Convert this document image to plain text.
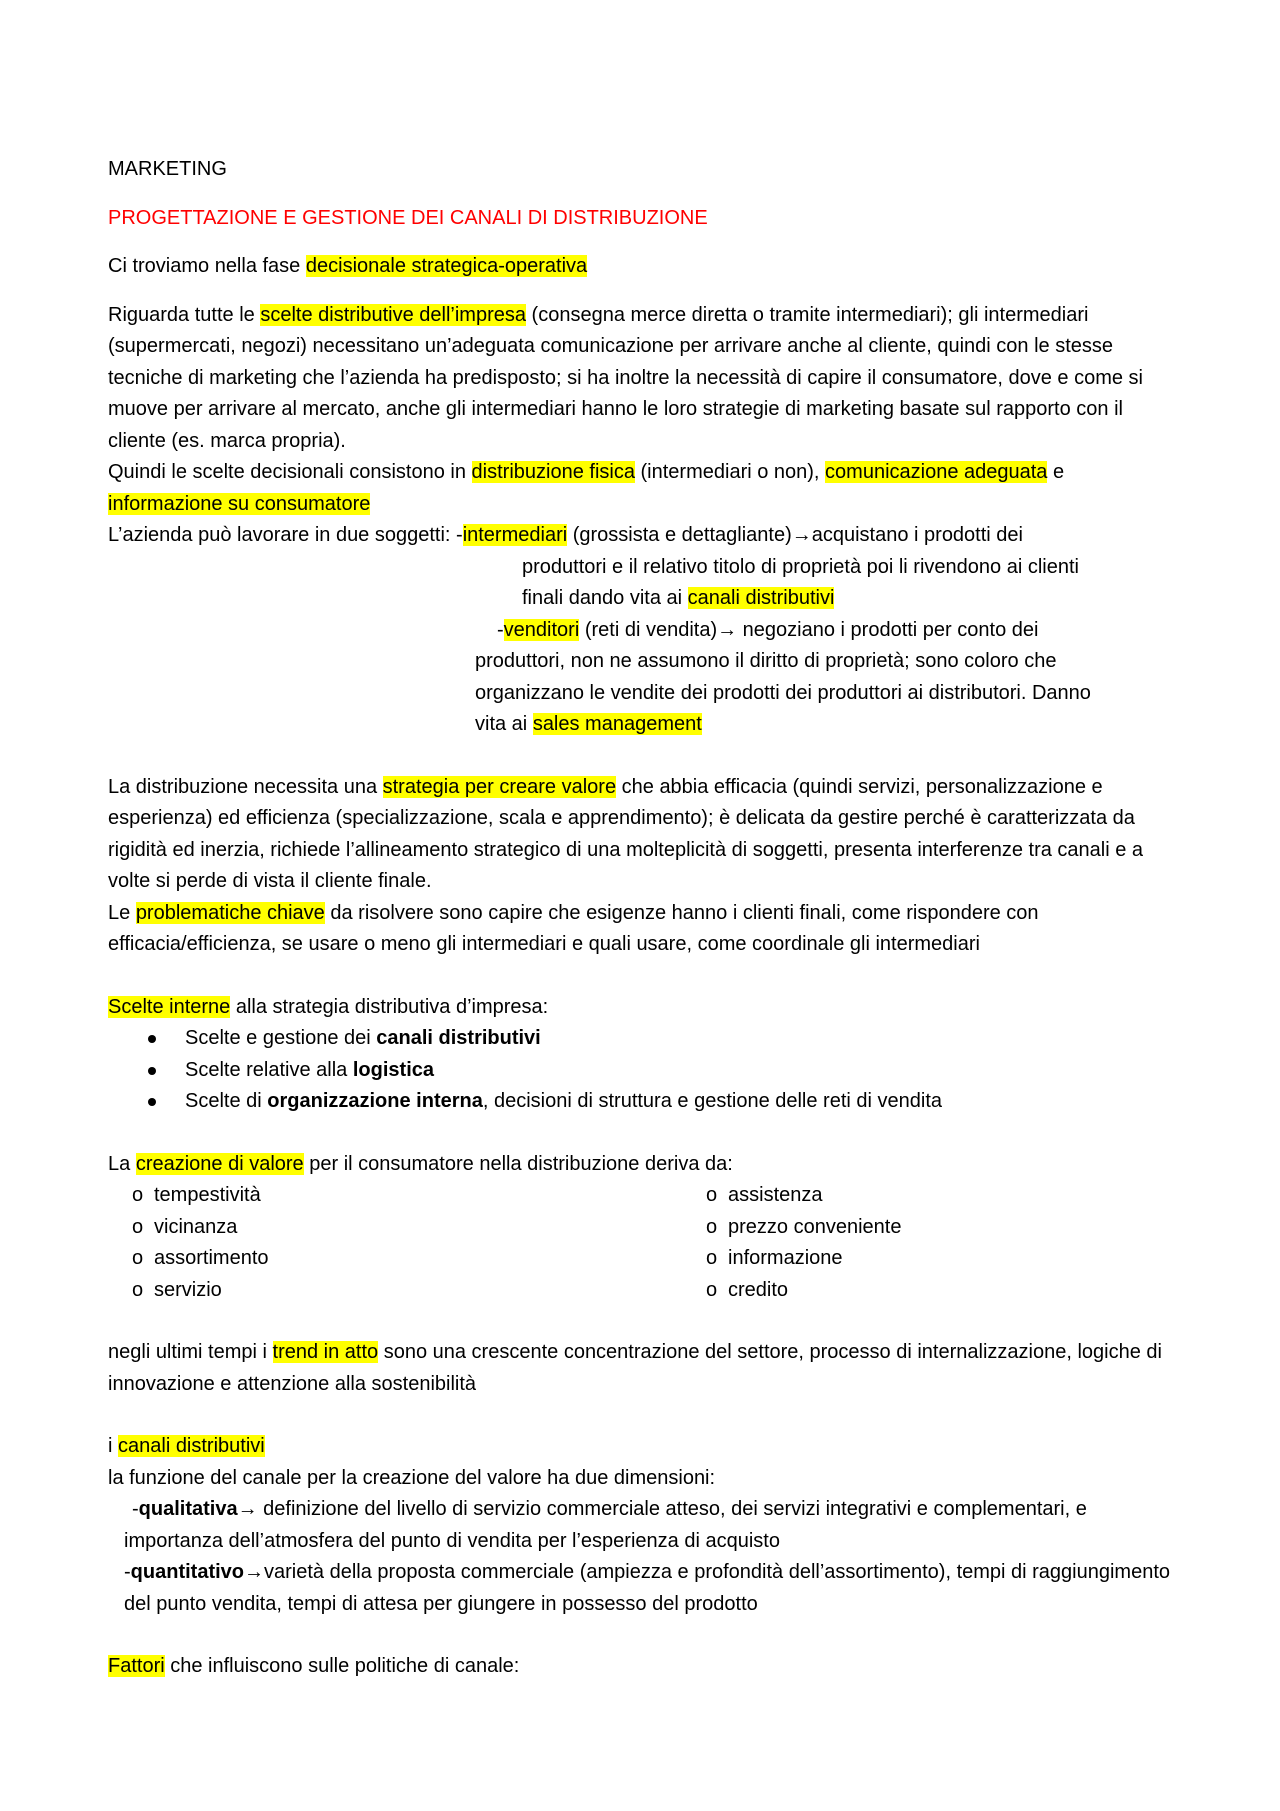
MARKETING

PROGETTAZIONE E GESTIONE DEI CANALI DI DISTRIBUZIONE

Ci troviamo nella fase decisionale strategica-operativa

Riguarda tutte le scelte distributive dell’impresa (consegna merce diretta o tramite intermediari); gli intermediari (supermercati, negozi) necessitano un’adeguata comunicazione per arrivare anche al cliente, quindi con le stesse tecniche di marketing che l’azienda ha predisposto; si ha inoltre la necessità di capire il consumatore, dove e come si muove per arrivare al mercato, anche gli intermediari hanno le loro strategie di marketing basate sul rapporto con il cliente (es. marca propria).

Quindi le scelte decisionali consistono in distribuzione fisica (intermediari o non), comunicazione adeguata e informazione su consumatore

L’azienda può lavorare in due soggetti: -intermediari (grossista e dettagliante)→acquistano i prodotti dei

produttori e il relativo titolo di proprietà poi li rivendono ai clienti

finali dando vita ai canali distributivi

-venditori (reti di vendita)→ negoziano i prodotti per conto dei

produttori, non ne assumono il diritto di proprietà; sono coloro che

organizzano le vendite dei prodotti dei produttori ai distributori. Danno

vita ai sales management

La distribuzione necessita una strategia per creare valore che abbia efficacia (quindi servizi, personalizzazione e esperienza) ed efficienza (specializzazione, scala e apprendimento); è delicata da gestire perché è caratterizzata da rigidità ed inerzia, richiede l’allineamento strategico di una molteplicità di soggetti, presenta interferenze tra canali e a volte si perde di vista il cliente finale.

Le problematiche chiave da risolvere sono capire che esigenze hanno i clienti finali, come rispondere con efficacia/efficienza, se usare o meno gli intermediari e quali usare, come coordinale gli intermediari

Scelte interne alla strategia distributiva d’impresa:

Scelte e gestione dei canali distributivi
Scelte relative alla logistica
Scelte di organizzazione interna, decisioni di struttura e gestione delle reti di vendita

La creazione di valore per il consumatore nella distribuzione deriva da:

o tempestività
o vicinanza
o assortimento
o servizio
o assistenza
o prezzo conveniente
o informazione
o credito

negli ultimi tempi i trend in atto sono una crescente concentrazione del settore, processo di internalizzazione, logiche di innovazione e attenzione alla sostenibilità

i canali distributivi

la funzione del canale per la creazione del valore ha due dimensioni:

-qualitativa→ definizione del livello di servizio commerciale atteso, dei servizi integrativi e complementari, e importanza dell’atmosfera del punto di vendita per l’esperienza di acquisto

-quantitativo→varietà della proposta commerciale (ampiezza e profondità dell’assortimento), tempi di raggiungimento del punto vendita, tempi di attesa per giungere in possesso del prodotto

Fattori che influiscono sulle politiche di canale:
